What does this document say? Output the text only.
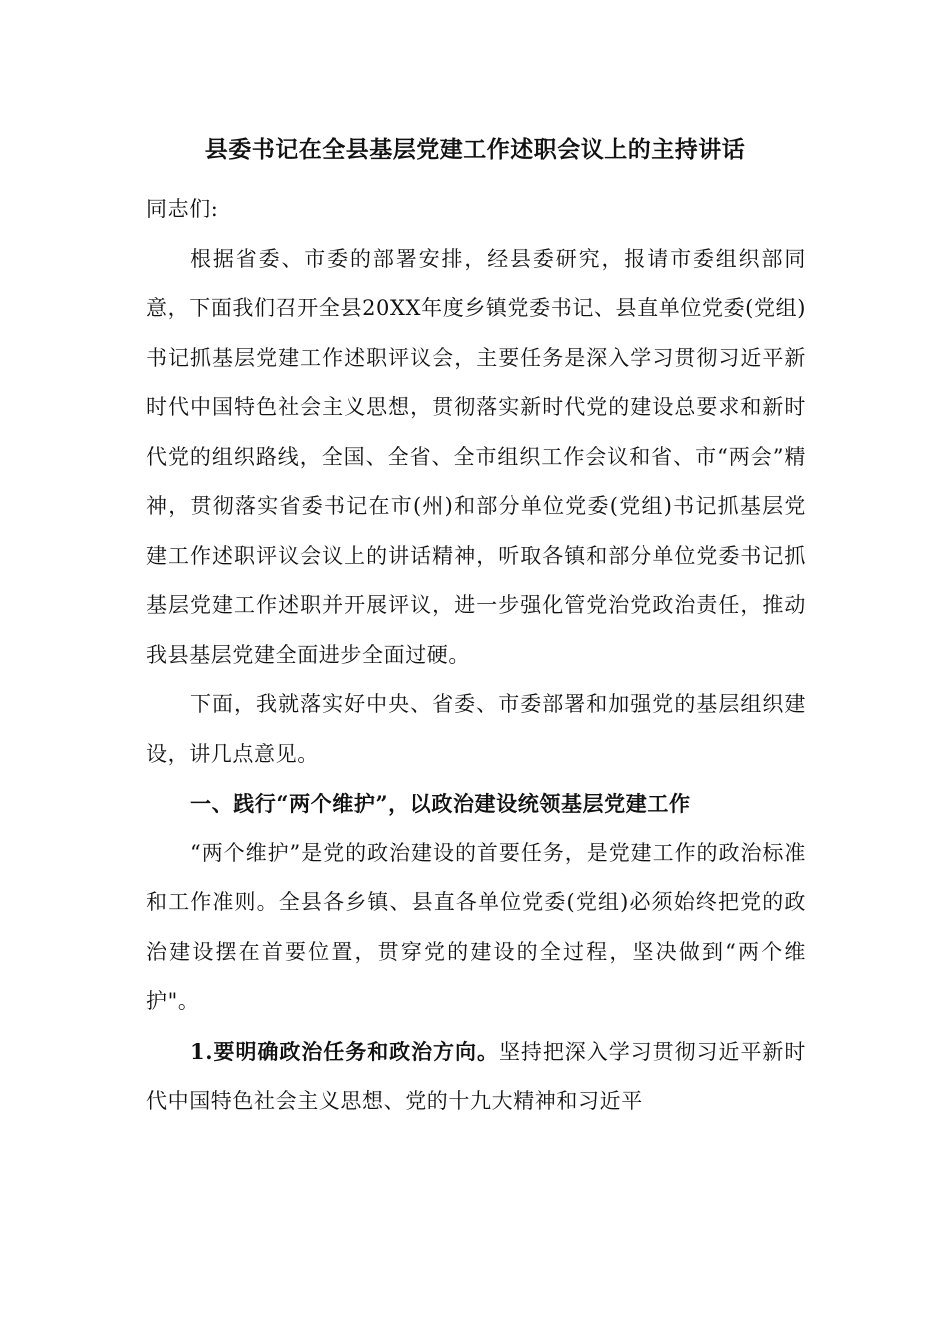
县委书记在全县基层党建工作述职会议上的主持讲话

同志们:

根据省委、市委的部署安排，经县委研究，报请市委组织部同意，下面我们召开全县20XX年度乡镇党委书记、县直单位党委(党组)书记抓基层党建工作述职评议会，主要任务是深入学习贯彻习近平新时代中国特色社会主义思想，贯彻落实新时代党的建设总要求和新时代党的组织路线，全国、全省、全市组织工作会议和省、市“两会”精神，贯彻落实省委书记在市(州)和部分单位党委(党组)书记抓基层党建工作述职评议会议上的讲话精神，听取各镇和部分单位党委书记抓基层党建工作述职并开展评议，进一步强化管党治党政治责任，推动我县基层党建全面进步全面过硬。

下面，我就落实好中央、省委、市委部署和加强党的基层组织建设，讲几点意见。

一、践行“两个维护”，以政治建设统领基层党建工作

“两个维护”是党的政治建设的首要任务，是党建工作的政治标准和工作准则。全县各乡镇、县直各单位党委(党组)必须始终把党的政治建设摆在首要位置，贯穿党的建设的全过程，坚决做到“两个维护"。

1.要明确政治任务和政治方向。坚持把深入学习贯彻习近平新时代中国特色社会主义思想、党的十九大精神和习近平
